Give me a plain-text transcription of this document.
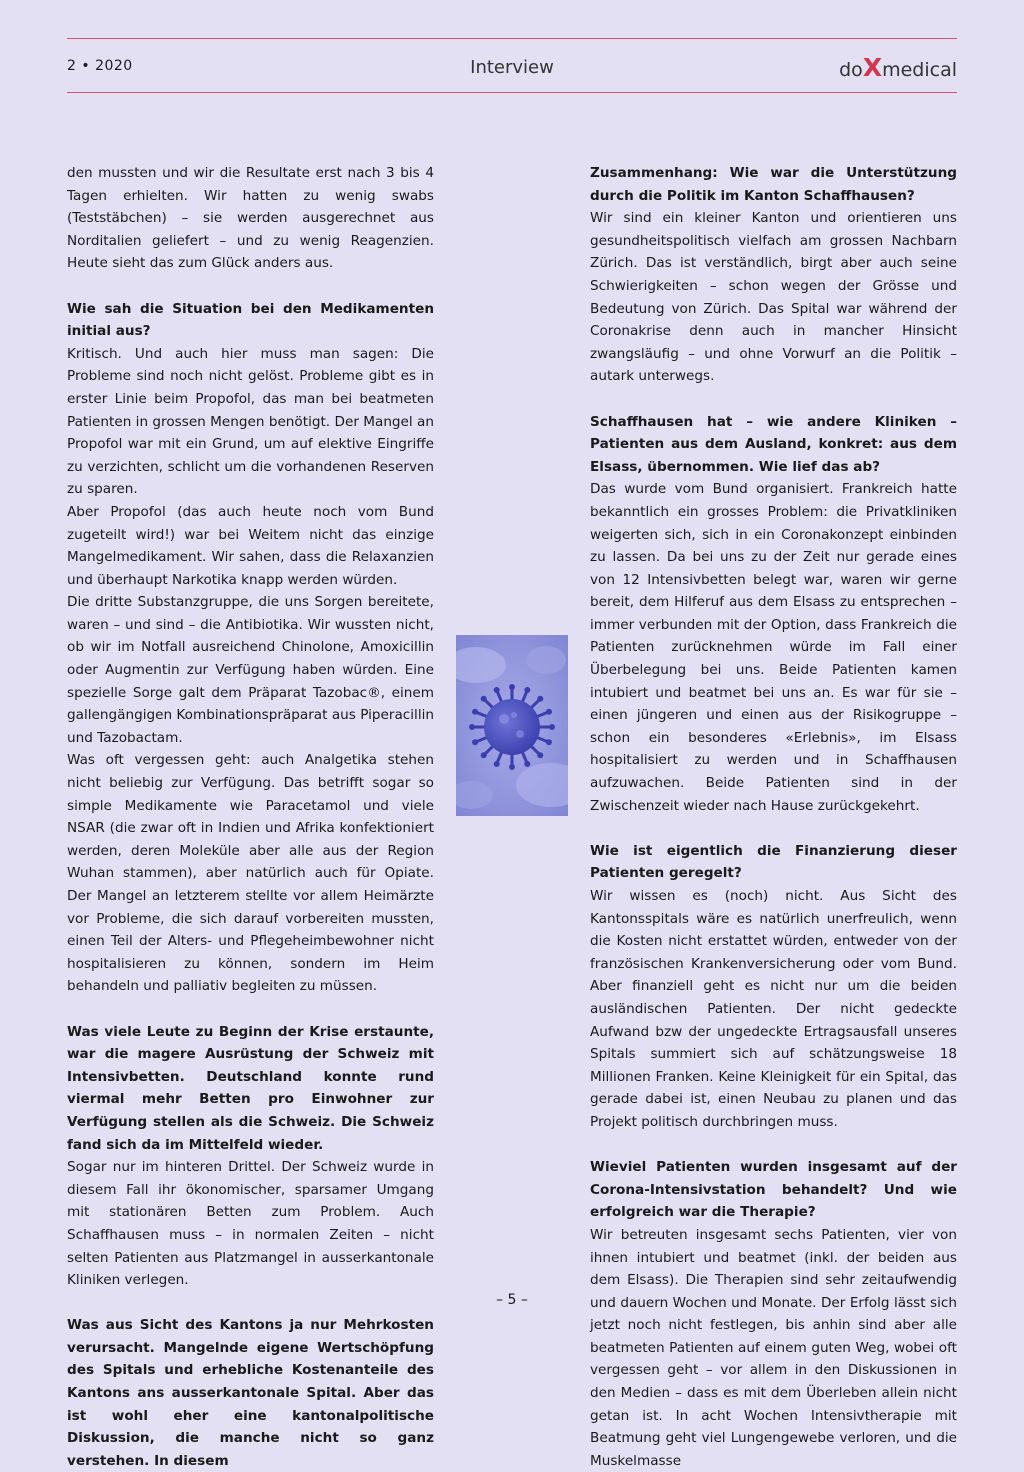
2 • 2020	Interview	doXmedical

den mussten und wir die Resultate erst nach 3 bis 4 Tagen erhielten. Wir hatten zu wenig swabs (Teststäbchen) – sie werden ausgerechnet aus Norditalien geliefert – und zu wenig Reagenzien. Heute sieht das zum Glück anders aus.

Wie sah die Situation bei den Medikamenten initial aus?

Kritisch. Und auch hier muss man sagen: Die Probleme sind noch nicht gelöst. Probleme gibt es in erster Linie beim Propofol, das man bei beatmeten Patienten in grossen Mengen benötigt. Der Mangel an Propofol war mit ein Grund, um auf elektive Eingriffe zu verzichten, schlicht um die vorhandenen Reserven zu sparen.

Aber Propofol (das auch heute noch vom Bund zugeteilt wird!) war bei Weitem nicht das einzige Mangelmedikament. Wir sahen, dass die Relaxanzien und überhaupt Narkotika knapp werden würden.

Die dritte Substanzgruppe, die uns Sorgen bereitete, waren – und sind – die Antibiotika. Wir wussten nicht, ob wir im Notfall ausreichend Chinolone, Amoxicillin oder Augmentin zur Verfügung haben würden. Eine spezielle Sorge galt dem Präparat Tazobac®, einem gallengängigen Kombinationspräparat aus Piperacillin und Tazobactam.

Was oft vergessen geht: auch Analgetika stehen nicht beliebig zur Verfügung. Das betrifft sogar so simple Medikamente wie Paracetamol und viele NSAR (die zwar oft in Indien und Afrika konfektioniert werden, deren Moleküle aber alle aus der Region Wuhan stammen), aber natürlich auch für Opiate. Der Mangel an letzterem stellte vor allem Heimärzte vor Probleme, die sich darauf vorbereiten mussten, einen Teil der Alters- und Pflegeheimbewohner nicht hospitalisieren zu können, sondern im Heim behandeln und palliativ begleiten zu müssen.

Was viele Leute zu Beginn der Krise erstaunte, war die magere Ausrüstung der Schweiz mit Intensivbetten. Deutschland konnte rund viermal mehr Betten pro Einwohner zur Verfügung stellen als die Schweiz. Die Schweiz fand sich da im Mittelfeld wieder.

Sogar nur im hinteren Drittel. Der Schweiz wurde in diesem Fall ihr ökonomischer, sparsamer Umgang mit stationären Betten zum Problem. Auch Schaffhausen muss – in normalen Zeiten – nicht selten Patienten aus Platzmangel in ausserkantonale Kliniken verlegen.

Was aus Sicht des Kantons ja nur Mehrkosten verursacht. Mangelnde eigene Wertschöpfung des Spitals und erhebliche Kostenanteile des Kantons ans ausserkantonale Spital. Aber das ist wohl eher eine kantonalpolitische Diskussion, die manche nicht so ganz verstehen. In diesem

Zusammenhang: Wie war die Unterstützung durch die Politik im Kanton Schaffhausen?

Wir sind ein kleiner Kanton und orientieren uns gesundheitspolitisch vielfach am grossen Nachbarn Zürich. Das ist verständlich, birgt aber auch seine Schwierigkeiten – schon wegen der Grösse und Bedeutung von Zürich. Das Spital war während der Coronakrise denn auch in mancher Hinsicht zwangsläufig – und ohne Vorwurf an die Politik – autark unterwegs.

Schaffhausen hat – wie andere Kliniken – Patienten aus dem Ausland, konkret: aus dem Elsass, übernommen. Wie lief das ab?

Das wurde vom Bund organisiert. Frankreich hatte bekanntlich ein grosses Problem: die Privatkliniken weigerten sich, sich in ein Coronakonzept einbinden zu lassen. Da bei uns zu der Zeit nur gerade eines von 12 Intensivbetten belegt war, waren wir gerne bereit, dem Hilferuf aus dem Elsass zu entsprechen – immer verbunden mit der Option, dass Frankreich die Patienten zurücknehmen würde im Fall einer Überbelegung bei uns. Beide Patienten kamen intubiert und beatmet bei uns an. Es war für sie – einen jüngeren und einen aus der Risikogruppe – schon ein besonderes «Erlebnis», im Elsass hospitalisiert zu werden und in Schaffhausen aufzuwachen. Beide Patienten sind in der Zwischenzeit wieder nach Hause zurückgekehrt.

Wie ist eigentlich die Finanzierung dieser Patienten geregelt?

Wir wissen es (noch) nicht. Aus Sicht des Kantonsspitals wäre es natürlich unerfreulich, wenn die Kosten nicht erstattet würden, entweder von der französischen Krankenversicherung oder vom Bund. Aber finanziell geht es nicht nur um die beiden ausländischen Patienten. Der nicht gedeckte Aufwand bzw der ungedeckte Ertragsausfall unseres Spitals summiert sich auf schätzungsweise 18 Millionen Franken. Keine Kleinigkeit für ein Spital, das gerade dabei ist, einen Neubau zu planen und das Projekt politisch durchbringen muss.

Wieviel Patienten wurden insgesamt auf der Corona-Intensivstation behandelt? Und wie erfolgreich war die Therapie?

Wir betreuten insgesamt sechs Patienten, vier von ihnen intubiert und beatmet (inkl. der beiden aus dem Elsass). Die Therapien sind sehr zeitaufwendig und dauern Wochen und Monate. Der Erfolg lässt sich jetzt noch nicht festlegen, bis anhin sind aber alle beatmeten Patienten auf einem guten Weg, wobei oft vergessen geht – vor allem in den Diskussionen in den Medien – dass es mit dem Überleben allein nicht getan ist. In acht Wochen Intensivtherapie mit Beatmung geht viel Lungengewebe verloren, und die Muskelmasse

– 5 –
